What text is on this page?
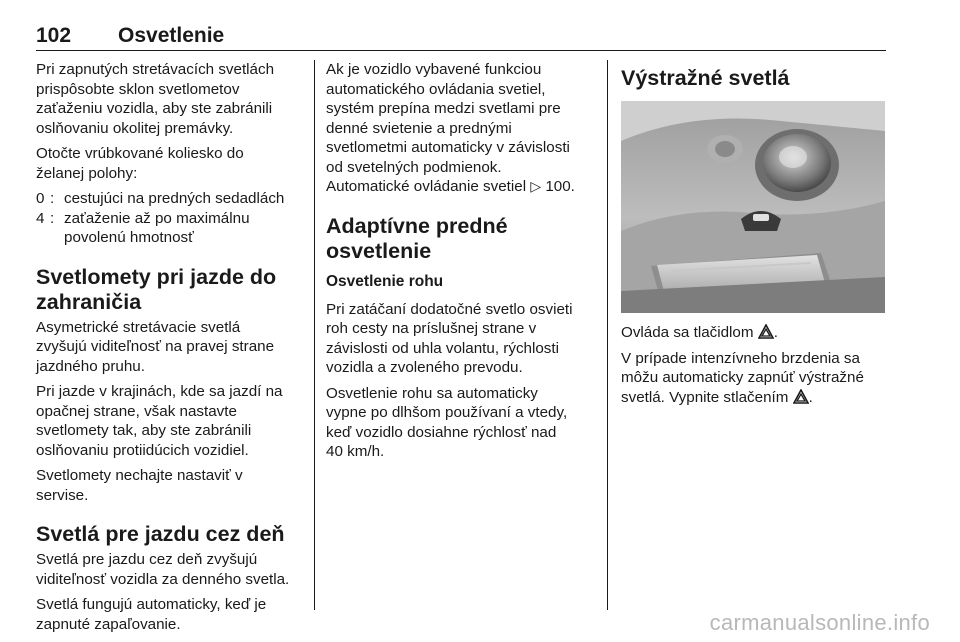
102 Osvetlenie

Pri zapnutých stretávacích svetlách
prispôsobte sklon svetlometov
zaťaženiu vozidla, aby ste zabránili
oslňovaniu okolitej premávky.

Otočte vrúbkované koliesko do
želanej polohy:

0 : cestujúci na predných sedadlách
4 : zaťaženie až po maximálnu
povolenú hmotnosť
Svetlomety pri jazde do
zahraničia

Asymetrické stretávacie svetlá
zvyšujú viditeľnosť na pravej strane
jazdného pruhu.

Pri jazde v krajinách, kde sa jazdí na
opačnej strane, však nastavte
svetlomety tak, aby ste zabránili
oslňovaniu protiidúcich vozidiel.

Svetlomety nechajte nastaviť v
servise.

Svetlá pre jazdu cez deň

Svetlá pre jazdu cez deň zvyšujú
viditeľnosť vozidla za denného svetla.

Svetlá fungujú automaticky, keď je
zapnuté zapaľovanie.

Ak je vozidlo vybavené funkciou
automatického ovládania svetiel,
systém prepína medzi svetlami pre
denné svietenie a prednými
svetlometmi automaticky v závislosti
od svetelných podmienok.
Automatické ovládanie svetiel ▷ 100.

Adaptívne predné
osvetlenie
Osvetlenie rohu

Pri zatáčaní dodatočné svetlo osvieti
roh cesty na príslušnej strane v
závislosti od uhla volantu, rýchlosti
vozidla a zvoleného prevodu.

Osvetlenie rohu sa automaticky
vypne po dlhšom používaní a vtedy,
keď vozidlo dosiahne rýchlosť nad
40 km/h.

Výstražné svetlá

Ovláda sa tlačidlom .

V prípade intenzívneho brzdenia sa
môžu automaticky zapnúť výstražné
svetlá. Vypnite stlačením .

carmanualsonline.info
